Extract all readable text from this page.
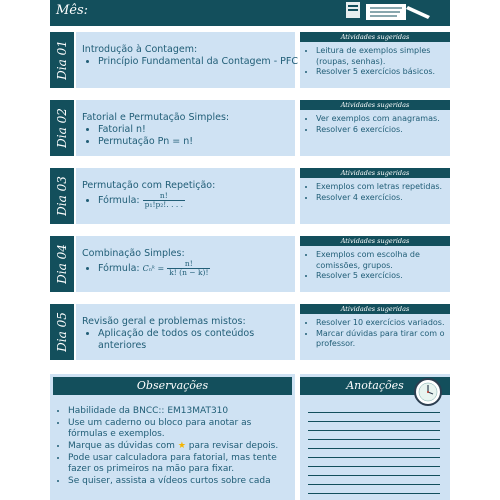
Mês:
Dia 01 Introdução à Contagem:
• Princípio Fundamental da Contagem - PFC
Atividades sugeridas
• Leitura de exemplos simples (roupas, senhas).
• Resolver 5 exercícios básicos.
Dia 02 Fatorial e Permutação Simples:
• Fatorial n!
• Permutação Pn = n!
Atividades sugeridas
• Ver exemplos com anagramas.
• Resolver 6 exercícios.
Dia 03 Permutação com Repetição:
• Fórmula: $\frac{n!}{\text{p₁!p₂!. . . .}}$
Atividades sugeridas
• Exemplos com letras repetidas.
• Resolver 4 exercícios.
Dia 04 Combinação Simples:
• Fórmula: Cₙᵏ = $\frac{n!}{k! (n - k)!}$
Atividades sugeridas
• Exemplos com escolha de comissões, grupos.
• Resolver 5 exercícios.
Dia 05 Revisão geral e problemas mistos:
• Aplicação de todos os conteúdos anteriores
Atividades sugeridas
• Resolver 10 exercícios variados.
• Marcar dúvidas para tirar com o professor.
Observações
• Habilidade da BNCC:: EM13MAT310
• Use um caderno ou bloco para anotar as fórmulas e exemplos.
• Marque as dúvidas com ★ para revisar depois.
• Pode usar calculadora para fatorial, mas tente fazer os primeiros na mão para fixar.
• Se quiser, assista a vídeos curtos sobre cada
Anotações
